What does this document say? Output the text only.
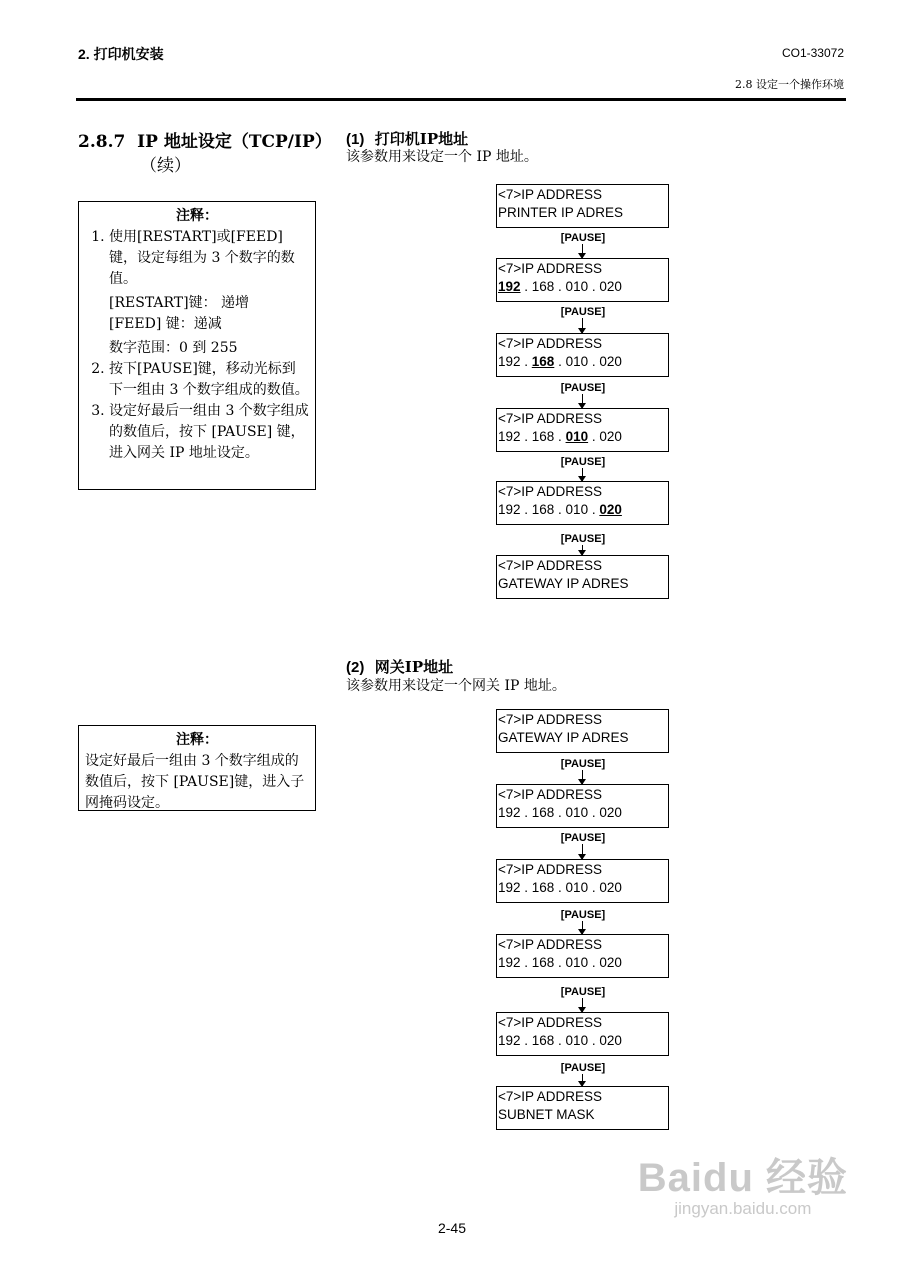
2. 打印机安装	CO1-33072
2.8 设定一个操作环境
2.8.7 IP 地址设定（TCP/IP）
（续）
注释：

1. 使用[RESTART]或[FEED]键，设定每组为 3 个数字的数值。

[RESTART]键： 递增

[FEED] 键：递减

数字范围：0 到 255

2. 按下[PAUSE]键，移动光标到下一组由 3 个数字组成的数值。
3. 设定好最后一组由 3 个数字组成的数值后，按下 [PAUSE] 键，进入网关 IP 地址设定。
注释：

设定好最后一组由 3 个数字组成的数值后，按下 [PAUSE]键，进入子网掩码设定。

(1) 打印机IP地址
该参数用来设定一个 IP 地址。
(2) 网关IP地址
该参数用来设定一个网关 IP 地址。
<7>IP ADDRESS
PRINTER IP ADRES
[PAUSE]
<7>IP ADDRESS
192 . 168 . 010 . 020
[PAUSE]
<7>IP ADDRESS
192 . 168 . 010 . 020
[PAUSE]
<7>IP ADDRESS
192 . 168 . 010 . 020
[PAUSE]
<7>IP ADDRESS
192 . 168 . 010 . 020
[PAUSE]
<7>IP ADDRESS
GATEWAY IP ADRES
<7>IP ADDRESS
GATEWAY IP ADRES
[PAUSE]
<7>IP ADDRESS
192 . 168 . 010 . 020
[PAUSE]
<7>IP ADDRESS
192 . 168 . 010 . 020
[PAUSE]
<7>IP ADDRESS
192 . 168 . 010 . 020
[PAUSE]
<7>IP ADDRESS
192 . 168 . 010 . 020
[PAUSE]
<7>IP ADDRESS
SUBNET MASK
Baidu 经验
jingyan.baidu.com
2-45
